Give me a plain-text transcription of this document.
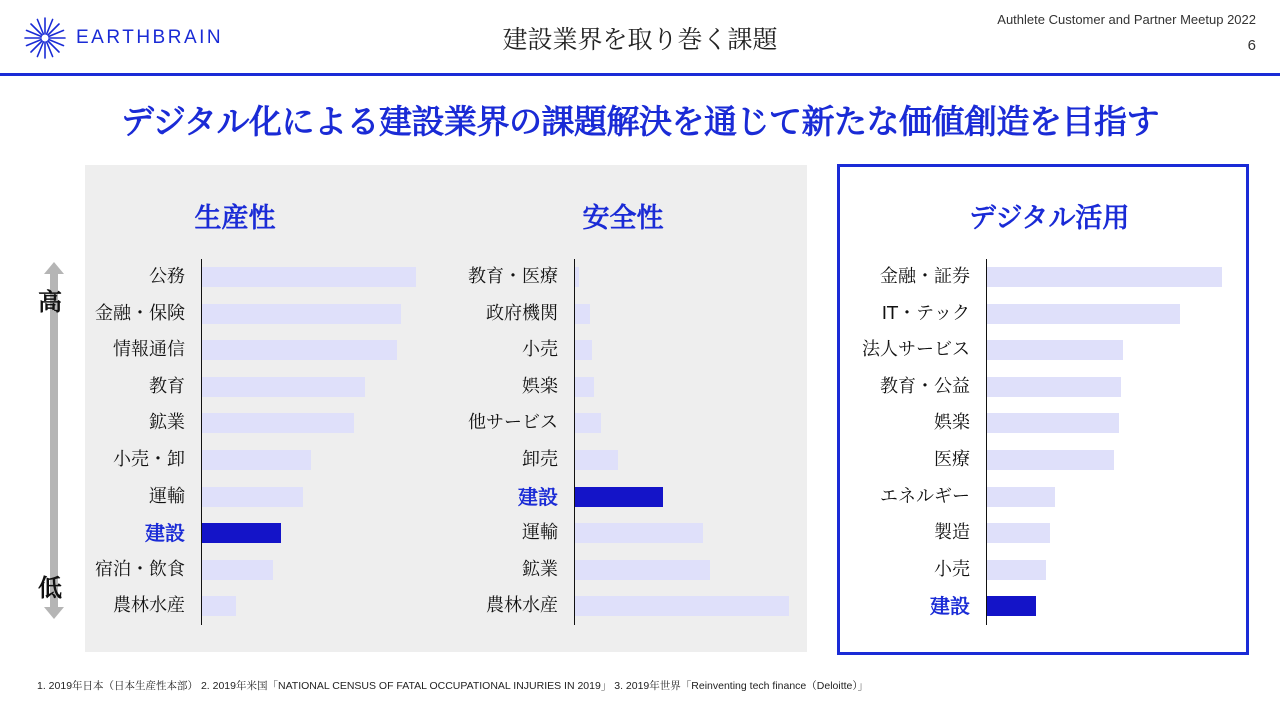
EARTHBRAIN	建設業界を取り巻く課題
Authlete Customer and Partner Meetup 2022
6
デジタル化による建設業界の課題解決を通じて新たな価値創造を目指す
高
低
生産性
公務
金融・保険
情報通信
教育
鉱業
小売・卸
運輸
建設
宿泊・飲食
農林水産
安全性
教育・医療
政府機関
小売
娯楽
他サービス
卸売
建設
運輸
鉱業
農林水産
デジタル活用
金融・証券
IT・テック
法人サービス
教育・公益
娯楽
医療
エネルギー
製造
小売
建設
1. 2019年日本（日本生産性本部） 2. 2019年米国「NATIONAL CENSUS OF FATAL OCCUPATIONAL INJURIES IN 2019」 3. 2019年世界「Reinventing tech finance（Deloitte）」
